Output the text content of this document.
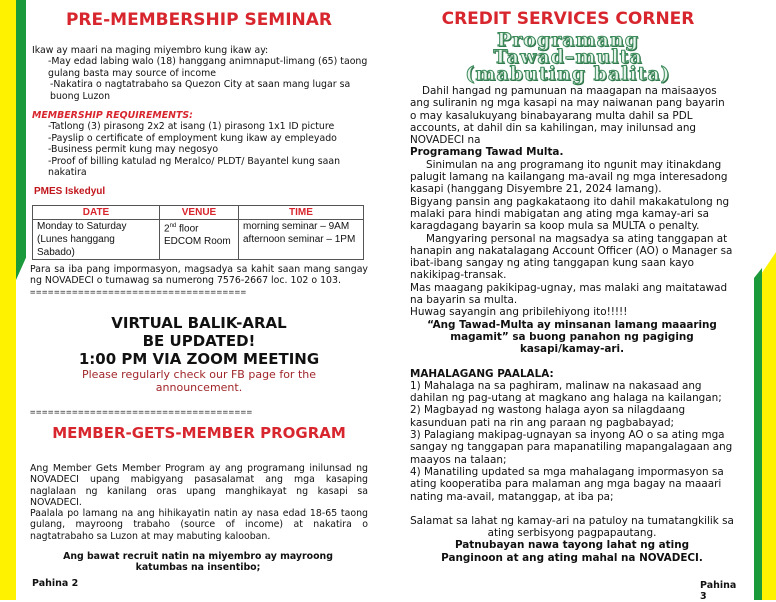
PRE-MEMBERSHIP SEMINAR
Ikaw ay maari na maging miyembro kung ikaw ay:
-May edad labing walo (18) hanggang animnaput-limang (65) taong gulang basta may source of income
-Nakatira o nagtatrabaho sa Quezon City at saan mang lugar sa buong Luzon
MEMBERSHIP REQUIREMENTS:
-Tatlong (3) pirasong 2x2 at isang (1) pirasong 1x1 ID picture
-Payslip o certificate of employment kung ikaw ay empleyado
-Business permit kung may negosyo
-Proof of billing katulad ng Meralco/ PLDT/ Bayantel kung saan nakatira
PMES Iskedyul
DATE	VENUE	TIME

Monday to Saturday
(Lunes hanggang Sabado)

2nd floor
EDCOM Room

morning seminar – 9AM
afternoon seminar – 1PM
Para sa iba pang impormasyon, magsadya sa kahit saan mang sangay ng NOVADECI o tumawag sa numerong 7576-2667 loc. 102 o 103.
====================================
VIRTUAL BALIK-ARAL
BE UPDATED!
1:00 PM VIA ZOOM MEETING
Please regularly check our FB page for the announcement.
=====================================
MEMBER-GETS-MEMBER PROGRAM
Ang Member Gets Member Program ay ang programang inilunsad ng NOVADECI upang mabigyang pasasalamat ang mga kasaping naglalaan ng kanilang oras upang manghikayat ng kasapi sa NOVADECI.
Paalala po lamang na ang hihikayatin natin ay nasa edad 18-65 taong gulang, mayroong trabaho (source of income) at nakatira o nagtatrabaho sa Luzon at may mabuting kalooban.
Ang bawat recruit natin na miyembro ay mayroong katumbas na insentibo;
Pahina 2
CREDIT SERVICES CORNER
Programang
Tawad–multa
(mabuting balita)
Dahil hangad ng pamunuan na maagapan na maisaayos ang suliranin ng mga kasapi na may naiwanan pang bayarin o may kasalukuyang binabayarang multa dahil sa PDL accounts, at dahil din sa kahilingan, may inilunsad ang NOVADECI na
Programang Tawad Multa.
Sinimulan na ang programang ito ngunit may itinakdang palugit lamang na kailangang ma-avail ng mga interesadong kasapi (hanggang Disyembre 21, 2024 lamang).
Bigyang pansin ang pagkakataong ito dahil makakatulong ng malaki para hindi mabigatan ang ating mga kamay-ari sa karagdagang bayarin sa koop mula sa MULTA o penalty.
Mangyaring personal na magsadya sa ating tanggapan at hanapin ang nakatalagang Account Officer (AO) o Manager sa ibat-ibang sangay ng ating tanggapan kung saan kayo nakikipag-transak.
Mas maagang pakikipag-ugnay, mas malaki ang maitatawad na bayarin sa multa.
Huwag sayangin ang pribilehiyong ito!!!!!
“Ang Tawad-Multa ay minsanan lamang maaaring magamit” sa buong panahon ng pagiging kasapi/kamay-ari.
MAHALAGANG PAALALA:
1) Mahalaga na sa paghiram, malinaw na nakasaad ang dahilan ng pag-utang at magkano ang halaga na kailangan;
2) Magbayad ng wastong halaga ayon sa nilagdaang kasunduan pati na rin ang paraan ng pagbabayad;
3) Palagiang makipag-ugnayan sa inyong AO o sa ating mga sangay ng tanggapan para mapanatiling mapangalagaan ang maayos na talaan;
4) Manatiling updated sa mga mahalagang impormasyon sa ating kooperatiba para malaman ang mga bagay na maaari nating ma-avail, matanggap, at iba pa;
Salamat sa lahat ng kamay-ari na patuloy na tumatangkilik sa ating serbisyong pagpapautang.
Patnubayan nawa tayong lahat ng ating Panginoon at ang ating mahal na NOVADECI.
Pahina 3
